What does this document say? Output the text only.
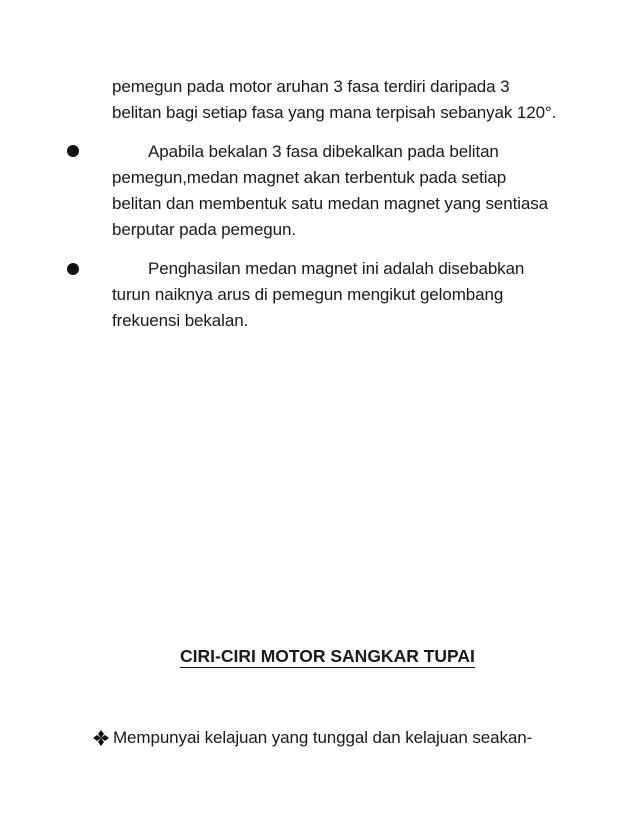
pemegun pada motor aruhan 3 fasa terdiri daripada 3
belitan bagi setiap fasa yang mana terpisah sebanyak 120°.
Apabila bekalan 3 fasa dibekalkan pada belitan
pemegun,medan magnet akan terbentuk pada setiap
belitan dan membentuk satu medan magnet yang sentiasa
berputar pada pemegun.
Penghasilan medan magnet ini adalah disebabkan
turun naiknya arus di pemegun mengikut gelombang
frekuensi bekalan.
CIRI-CIRI MOTOR SANGKAR TUPAI
Mempunyai kelajuan yang tunggal dan kelajuan seakan-
